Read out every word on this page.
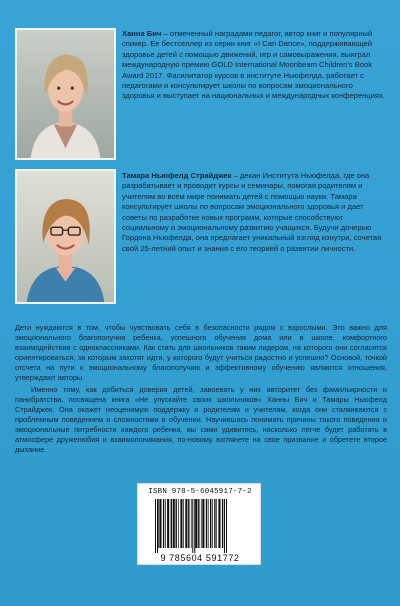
Ханна Бич – отмеченный наградами педагог, автор книг и популярный спикер. Ее бестселлер из серии книг «I Can Dance», поддерживающей здоровье детей с помощью движений, игр и самовыражения, выиграл международную премию GOLD International Moonbeam Children's Book Award 2017. Фасилитатор курсов в институте Ньюфелда, работает с педагогами и консультирует школы по вопросам эмоционального здоровья и выступает на национальных и международных конференциях.

Тамара Ньюфелд Страйджек – декан Института Ньюфелда, где она разрабатывает и проводит курсы и семинары, помогая родителям и учителям во всем мире понимать детей с помощью науки. Тамара консультирует школы по вопросам эмоционального здоровья и дает советы по разработке новых программ, которые способствуют социальному и эмоциональному развитию учащихся. Будучи дочерью Гордона Ньюфелда, она предлагает уникальный взгляд изнутри, сочетая свой 25-летний опыт и знания с его теорией о развитии личности.

Дети нуждаются в том, чтобы чувствовать себя в безопасности рядом с взрослыми. Это важно для эмоционального благополучия ребенка, успешного обучения дома или в школе, комфортного взаимодействия с одноклассниками. Как стать для школьников таким лидером, на которого они согласятся ориентироваться, за которым захотят идти, у которого будут учиться радостно и успешно? Основой, точкой отсчета на пути к эмоциональному благополучию и эффективному обучению являются отношения, утверждают авторы.

Именно тому, как добиться доверия детей, завоевать у них авторитет без фамильярности и панибратства, посвящена книга «Не упускайте своих школьников» Ханны Бич и Тамары Ньюфелд Страйджек. Она окажет неоценимую поддержку и родителям и учителям, когда они сталкиваются с проблемным поведением и сложностями в обучении. Научившись понимать причины такого поведения и эмоциональные потребности каждого ребенка, вы сами удивитесь, насколько легче будет работать в атмосфере дружелюбия и взаимопонимания, по-новому взглянете на свое призвание и обретете второе дыхание.

ISBN 978-5-6045917-7-2
9 785604 591772
